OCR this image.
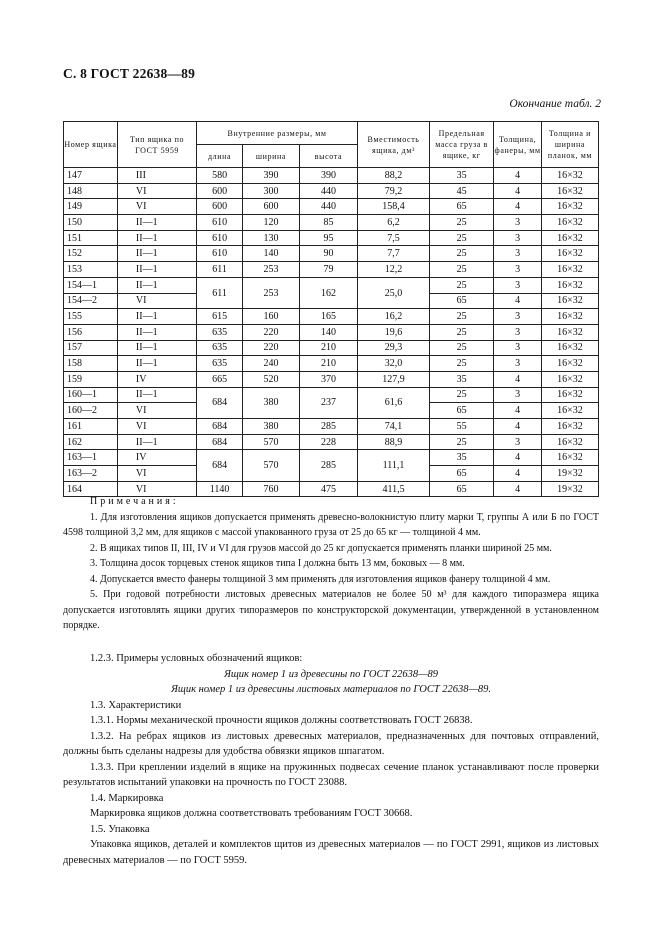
С. 8 ГОСТ 22638—89
Окончание табл. 2
Номер ящика	Тип ящика по ГОСТ 5959	Внутренние размеры, мм			Вместимость ящика, дм³	Предельная масса груза в ящике, кг	Толщина, фанеры, мм	Толщина и ширина планок, мм
		длина	ширина	высота				
147	III	580	390	390	88,2	35	4	16×32
148	VI	600	300	440	79,2	45	4	16×32
149	VI	600	600	440	158,4	65	4	16×32
150	II—1	610	120	85	6,2	25	3	16×32
151	II—1	610	130	95	7,5	25	3	16×32
152	II—1	610	140	90	7,7	25	3	16×32
153	II—1	611	253	79	12,2	25	3	16×32
154—1	II—1	611	253	162	25,0	25	3	16×32
154—2	VI					65	4	16×32
155	II—1	615	160	165	16,2	25	3	16×32
156	II—1	635	220	140	19,6	25	3	16×32
157	II—1	635	220	210	29,3	25	3	16×32
158	II—1	635	240	210	32,0	25	3	16×32
159	IV	665	520	370	127,9	35	4	16×32
160—1	II—1	684	380	237	61,6	25	3	16×32
160—2	VI					65	4	16×32
161	VI	684	380	285	74,1	55	4	16×32
162	II—1	684	570	228	88,9	25	3	16×32
163—1	IV	684	570	285	111,1	35	4	16×32
163—2	VI					65	4	19×32
164	VI	1140	760	475	411,5	65	4	19×32
Примечания:

1. Для изготовления ящиков допускается применять древесно-волокнистую плиту марки Т, группы А или Б по ГОСТ 4598 толщиной 3,2 мм, для ящиков с массой упакованного груза от 25 до 65 кг — толщиной 4 мм.

2. В ящиках типов II, III, IV и VI для грузов массой до 25 кг допускается применять планки шириной 25 мм.

3. Толщина досок торцевых стенок ящиков типа I должна быть 13 мм, боковых — 8 мм.

4. Допускается вместо фанеры толщиной 3 мм применять для изготовления ящиков фанеру толщиной 4 мм.

5. При годовой потребности листовых древесных материалов не более 50 м³ для каждого типоразмера ящика допускается изготовлять ящики других типоразмеров по конструкторской документации, утвержденной в установленном порядке.

1.2.3. Примеры условных обозначений ящиков:

Ящик номер 1 из древесины по ГОСТ 22638—89

Ящик номер 1 из древесины листовых материалов по ГОСТ 22638—89.

1.3. Характеристики

1.3.1. Нормы механической прочности ящиков должны соответствовать ГОСТ 26838.

1.3.2. На ребрах ящиков из листовых древесных материалов, предназначенных для почтовых отправлений, должны быть сделаны надрезы для удобства обвязки ящиков шпагатом.

1.3.3. При креплении изделий в ящике на пружинных подвесах сечение планок устанавливают после проверки результатов испытаний упаковки на прочность по ГОСТ 23088.

1.4. Маркировка

Маркировка ящиков должна соответствовать требованиям ГОСТ 30668.

1.5. Упаковка

Упаковка ящиков, деталей и комплектов щитов из древесных материалов — по ГОСТ 2991, ящиков из листовых древесных материалов — по ГОСТ 5959.
